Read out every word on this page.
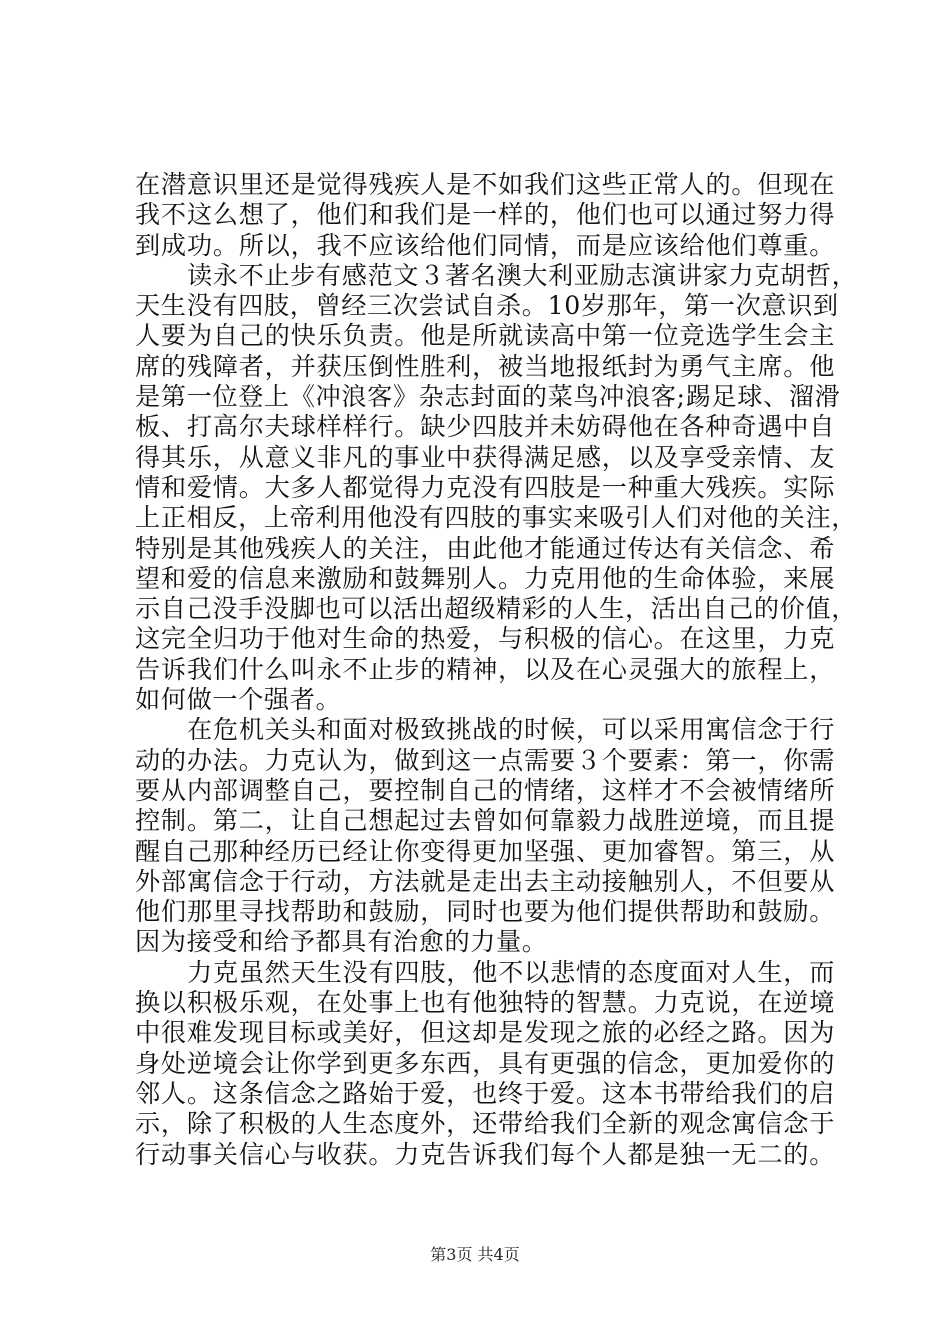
在潜意识里还是觉得残疾人是不如我们这些正常人的。但现在
我不这么想了，他们和我们是一样的，他们也可以通过努力得
到成功。所以，我不应该给他们同情，而是应该给他们尊重。
读永不止步有感范文３著名澳大利亚励志演讲家力克胡哲，
天生没有四肢，曾经三次尝试自杀。10岁那年，第一次意识到
人要为自己的快乐负责。他是所就读高中第一位竞选学生会主
席的残障者，并获压倒性胜利，被当地报纸封为勇气主席。他
是第一位登上《冲浪客》杂志封面的菜鸟冲浪客;踢足球、溜滑
板、打高尔夫球样样行。缺少四肢并未妨碍他在各种奇遇中自
得其乐，从意义非凡的事业中获得满足感，以及享受亲情、友
情和爱情。大多人都觉得力克没有四肢是一种重大残疾。实际
上正相反，上帝利用他没有四肢的事实来吸引人们对他的关注，
特别是其他残疾人的关注，由此他才能通过传达有关信念、希
望和爱的信息来激励和鼓舞别人。力克用他的生命体验，来展
示自己没手没脚也可以活出超级精彩的人生，活出自己的价值，
这完全归功于他对生命的热爱，与积极的信心。在这里，力克
告诉我们什么叫永不止步的精神，以及在心灵强大的旅程上，
如何做一个强者。
在危机关头和面对极致挑战的时候，可以采用寓信念于行
动的办法。力克认为，做到这一点需要３个要素：第一，你需
要从内部调整自己，要控制自己的情绪，这样才不会被情绪所
控制。第二，让自己想起过去曾如何靠毅力战胜逆境，而且提
醒自己那种经历已经让你变得更加坚强、更加睿智。第三，从
外部寓信念于行动，方法就是走出去主动接触别人，不但要从
他们那里寻找帮助和鼓励，同时也要为他们提供帮助和鼓励。
因为接受和给予都具有治愈的力量。
力克虽然天生没有四肢，他不以悲情的态度面对人生，而
换以积极乐观，在处事上也有他独特的智慧。力克说，在逆境
中很难发现目标或美好，但这却是发现之旅的必经之路。因为
身处逆境会让你学到更多东西，具有更强的信念，更加爱你的
邻人。这条信念之路始于爱，也终于爱。这本书带给我们的启
示，除了积极的人生态度外，还带给我们全新的观念寓信念于
行动事关信心与收获。力克告诉我们每个人都是独一无二的。
第3页 共4页
